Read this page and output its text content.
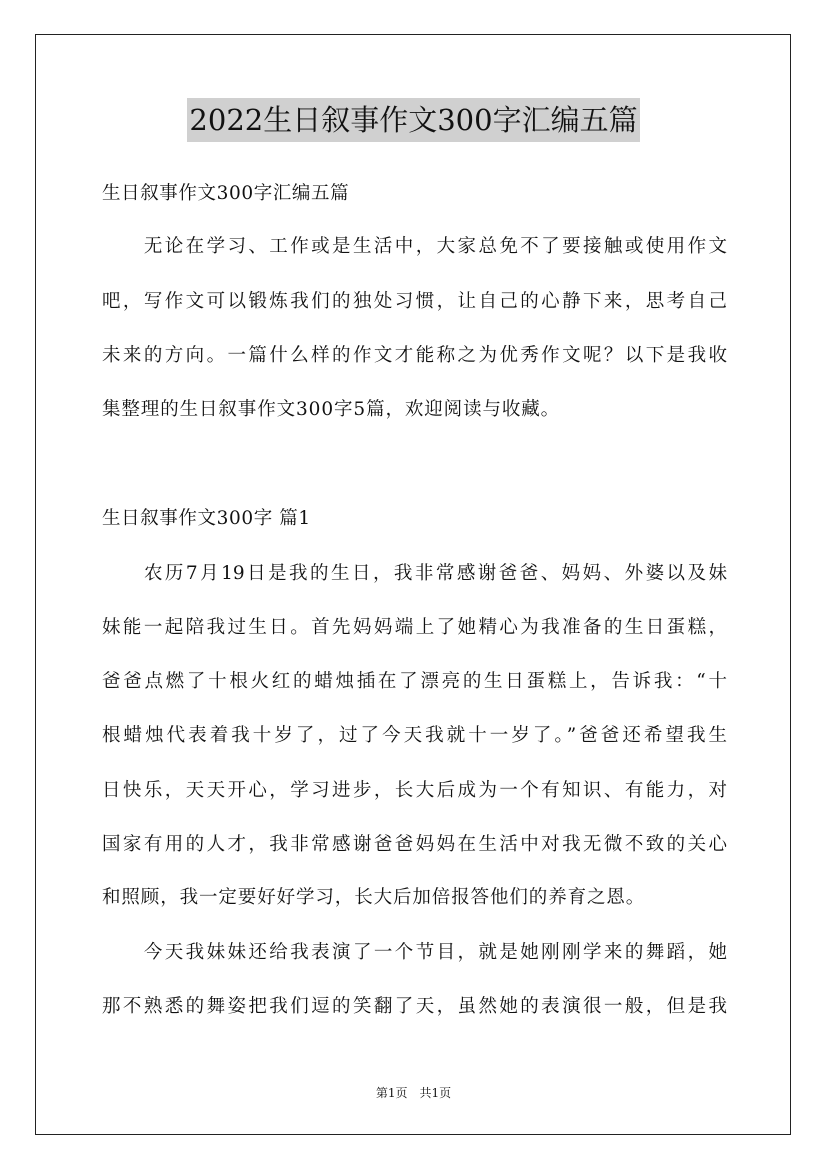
2022生日叙事作文300字汇编五篇
生日叙事作文300字汇编五篇
　　无论在学习、工作或是生活中，大家总免不了要接触或使用作文
吧，写作文可以锻炼我们的独处习惯，让自己的心静下来，思考自己
未来的方向。一篇什么样的作文才能称之为优秀作文呢？以下是我收
集整理的生日叙事作文300字5篇，欢迎阅读与收藏。
生日叙事作文300字 篇1
　　农历7月19日是我的生日，我非常感谢爸爸、妈妈、外婆以及妹
妹能一起陪我过生日。首先妈妈端上了她精心为我准备的生日蛋糕，
爸爸点燃了十根火红的蜡烛插在了漂亮的生日蛋糕上，告诉我：“十
根蜡烛代表着我十岁了，过了今天我就十一岁了。”爸爸还希望我生
日快乐，天天开心，学习进步，长大后成为一个有知识、有能力，对
国家有用的人才，我非常感谢爸爸妈妈在生活中对我无微不致的关心
和照顾，我一定要好好学习，长大后加倍报答他们的养育之恩。
　　今天我妹妹还给我表演了一个节目，就是她刚刚学来的舞蹈，她
那不熟悉的舞姿把我们逗的笑翻了天，虽然她的表演很一般，但是我
第1页　共1页
